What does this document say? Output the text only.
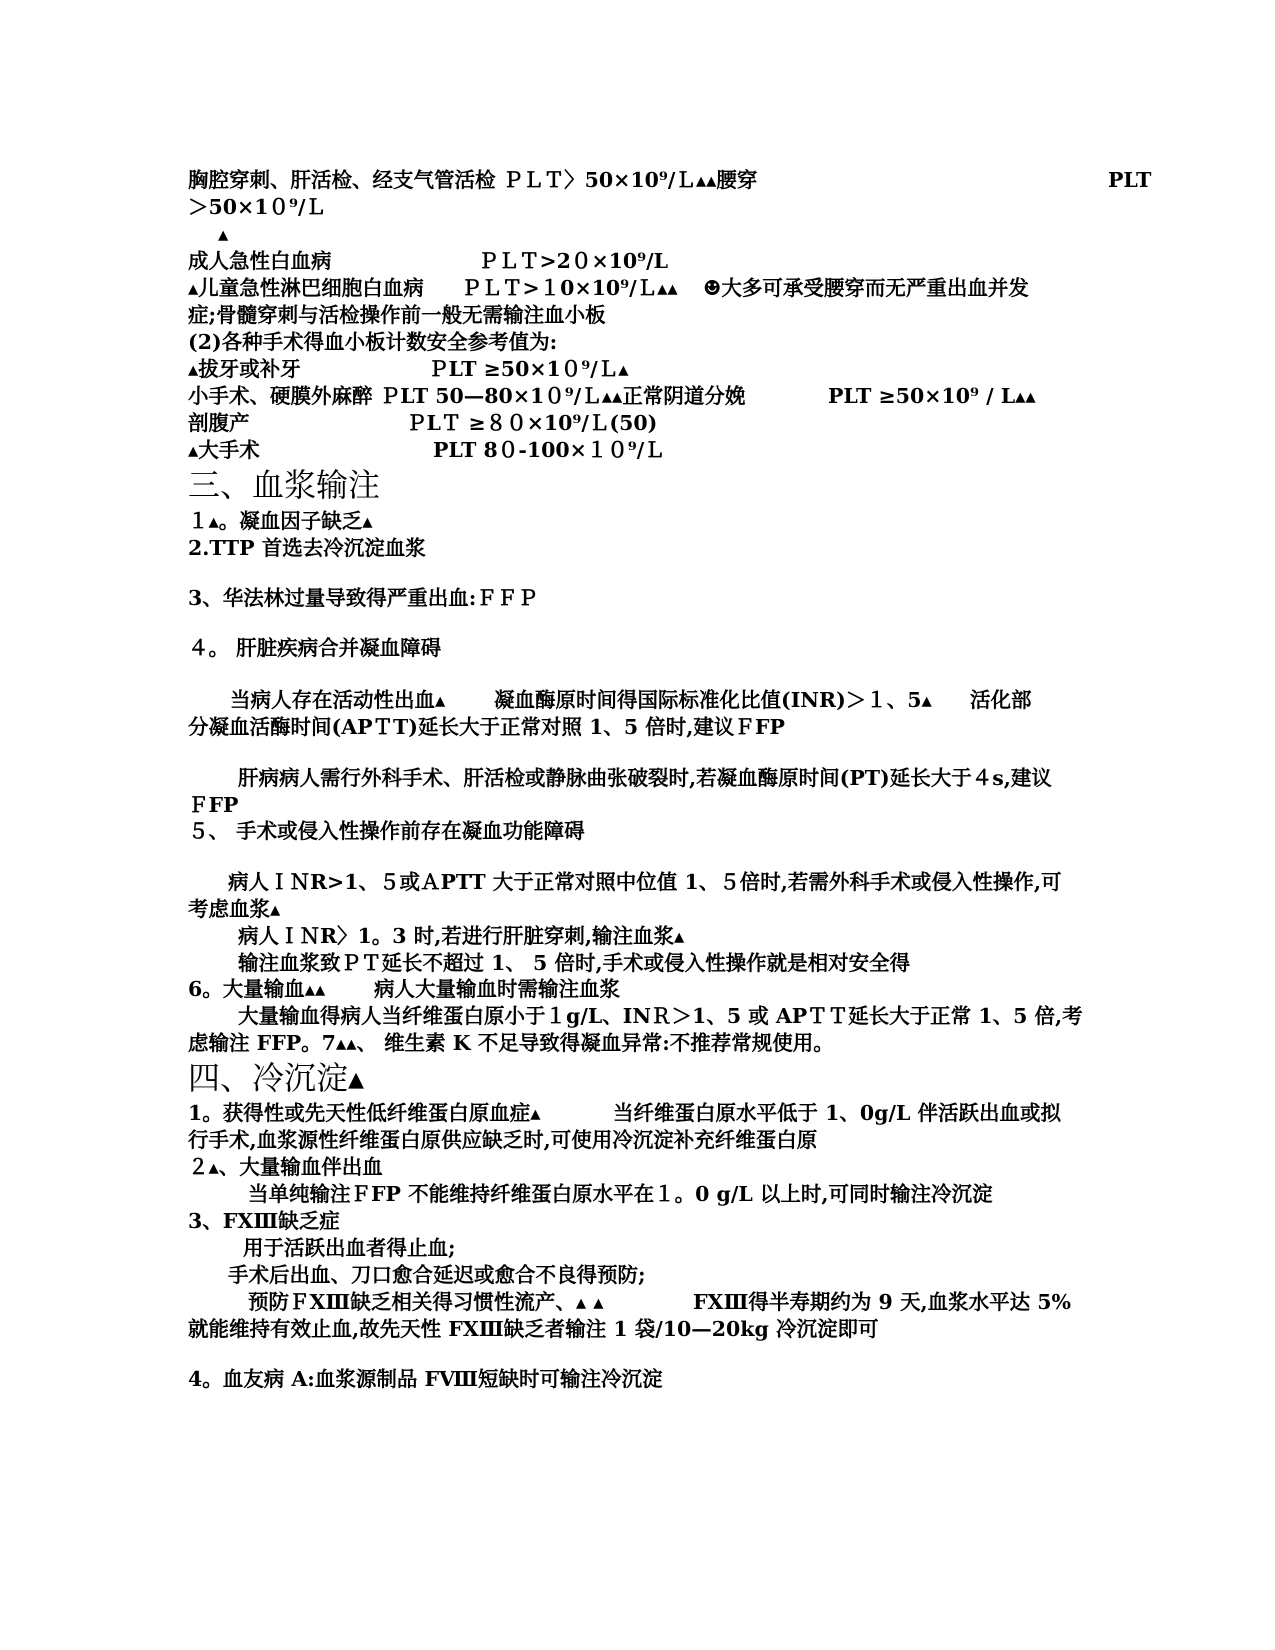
胸腔穿刺、肝活检、经支气管活检 ＰＬＴ〉50×10⁹/Ｌ▴▴腰穿	PLT
＞50×1０⁹/Ｌ
▴
成人急性白血病	ＰＬＴ>2０×10⁹/L
▴儿童急性淋巴细胞白血病 ＰＬＴ>１0×10⁹/Ｌ▴▴ ☻大多可承受腰穿而无严重出血并发
症;骨髓穿刺与活检操作前一般无需输注血小板
(2)各种手术得血小板计数安全参考值为:
▴拔牙或补牙	ＰLT ≥50×1０⁹/Ｌ▴
小手术、硬膜外麻醉 ＰLT 50—80×1０⁹/Ｌ▴▴正常阴道分娩	PLT ≥50×10⁹ / L▴▴
剖腹产	ＰLＴ ≥８０×10⁹/Ｌ(50)
▴大手术	PLT 8０-100×１０⁹/Ｌ
三、血浆输注
１▴。凝血因子缺乏▴
2.TTP 首选去冷沉淀血浆
3、华法林过量导致得严重出血:ＦＦＰ
４。 肝脏疾病合并凝血障碍
当病人存在活动性出血▴ 凝血酶原时间得国际标准化比值(INR)＞１、5▴ 活化部
分凝血活酶时间(APＴT)延长大于正常对照 1、5 倍时,建议ＦFP
肝病病人需行外科手术、肝活检或静脉曲张破裂时,若凝血酶原时间(PT)延长大于４s,建议
ＦFP
５、 手术或侵入性操作前存在凝血功能障碍
病人ＩＮR>1、５或ＡPTT 大于正常对照中位值 1、５倍时,若需外科手术或侵入性操作,可
考虑血浆▴
病人ＩＮR〉1。3 时,若进行肝脏穿刺,输注血浆▴
输注血浆致ＰＴ延长不超过 1、 5 倍时,手术或侵入性操作就是相对安全得
6。大量输血▴▴ 病人大量输血时需输注血浆
大量输血得病人当纤维蛋白原小于１g/L、INＲ＞1、5 或 APＴＴ延长大于正常 1、5 倍,考
虑输注 FFP。7▴▴、 维生素 K 不足导致得凝血异常:不推荐常规使用。
四、冷沉淀▴
1。获得性或先天性低纤维蛋白原血症▴	当纤维蛋白原水平低于 1、0g/L 伴活跃出血或拟
行手术,血浆源性纤维蛋白原供应缺乏时,可使用冷沉淀补充纤维蛋白原
２▴、大量输血伴出血
当单纯输注ＦFP 不能维持纤维蛋白原水平在１。0 g/L 以上时,可同时输注冷沉淀
3、FⅩⅢ缺乏症
用于活跃出血者得止血;
手术后出血、刀口愈合延迟或愈合不良得预防;
预防ＦⅩⅢ缺乏相关得习惯性流产、▴ ▴	FⅩⅢ得半寿期约为 9 天,血浆水平达 5%
就能维持有效止血,故先天性 FⅩⅢ缺乏者输注 1 袋/10—20kg 冷沉淀即可
4。血友病 A:血浆源制品 FⅧ短缺时可输注冷沉淀
